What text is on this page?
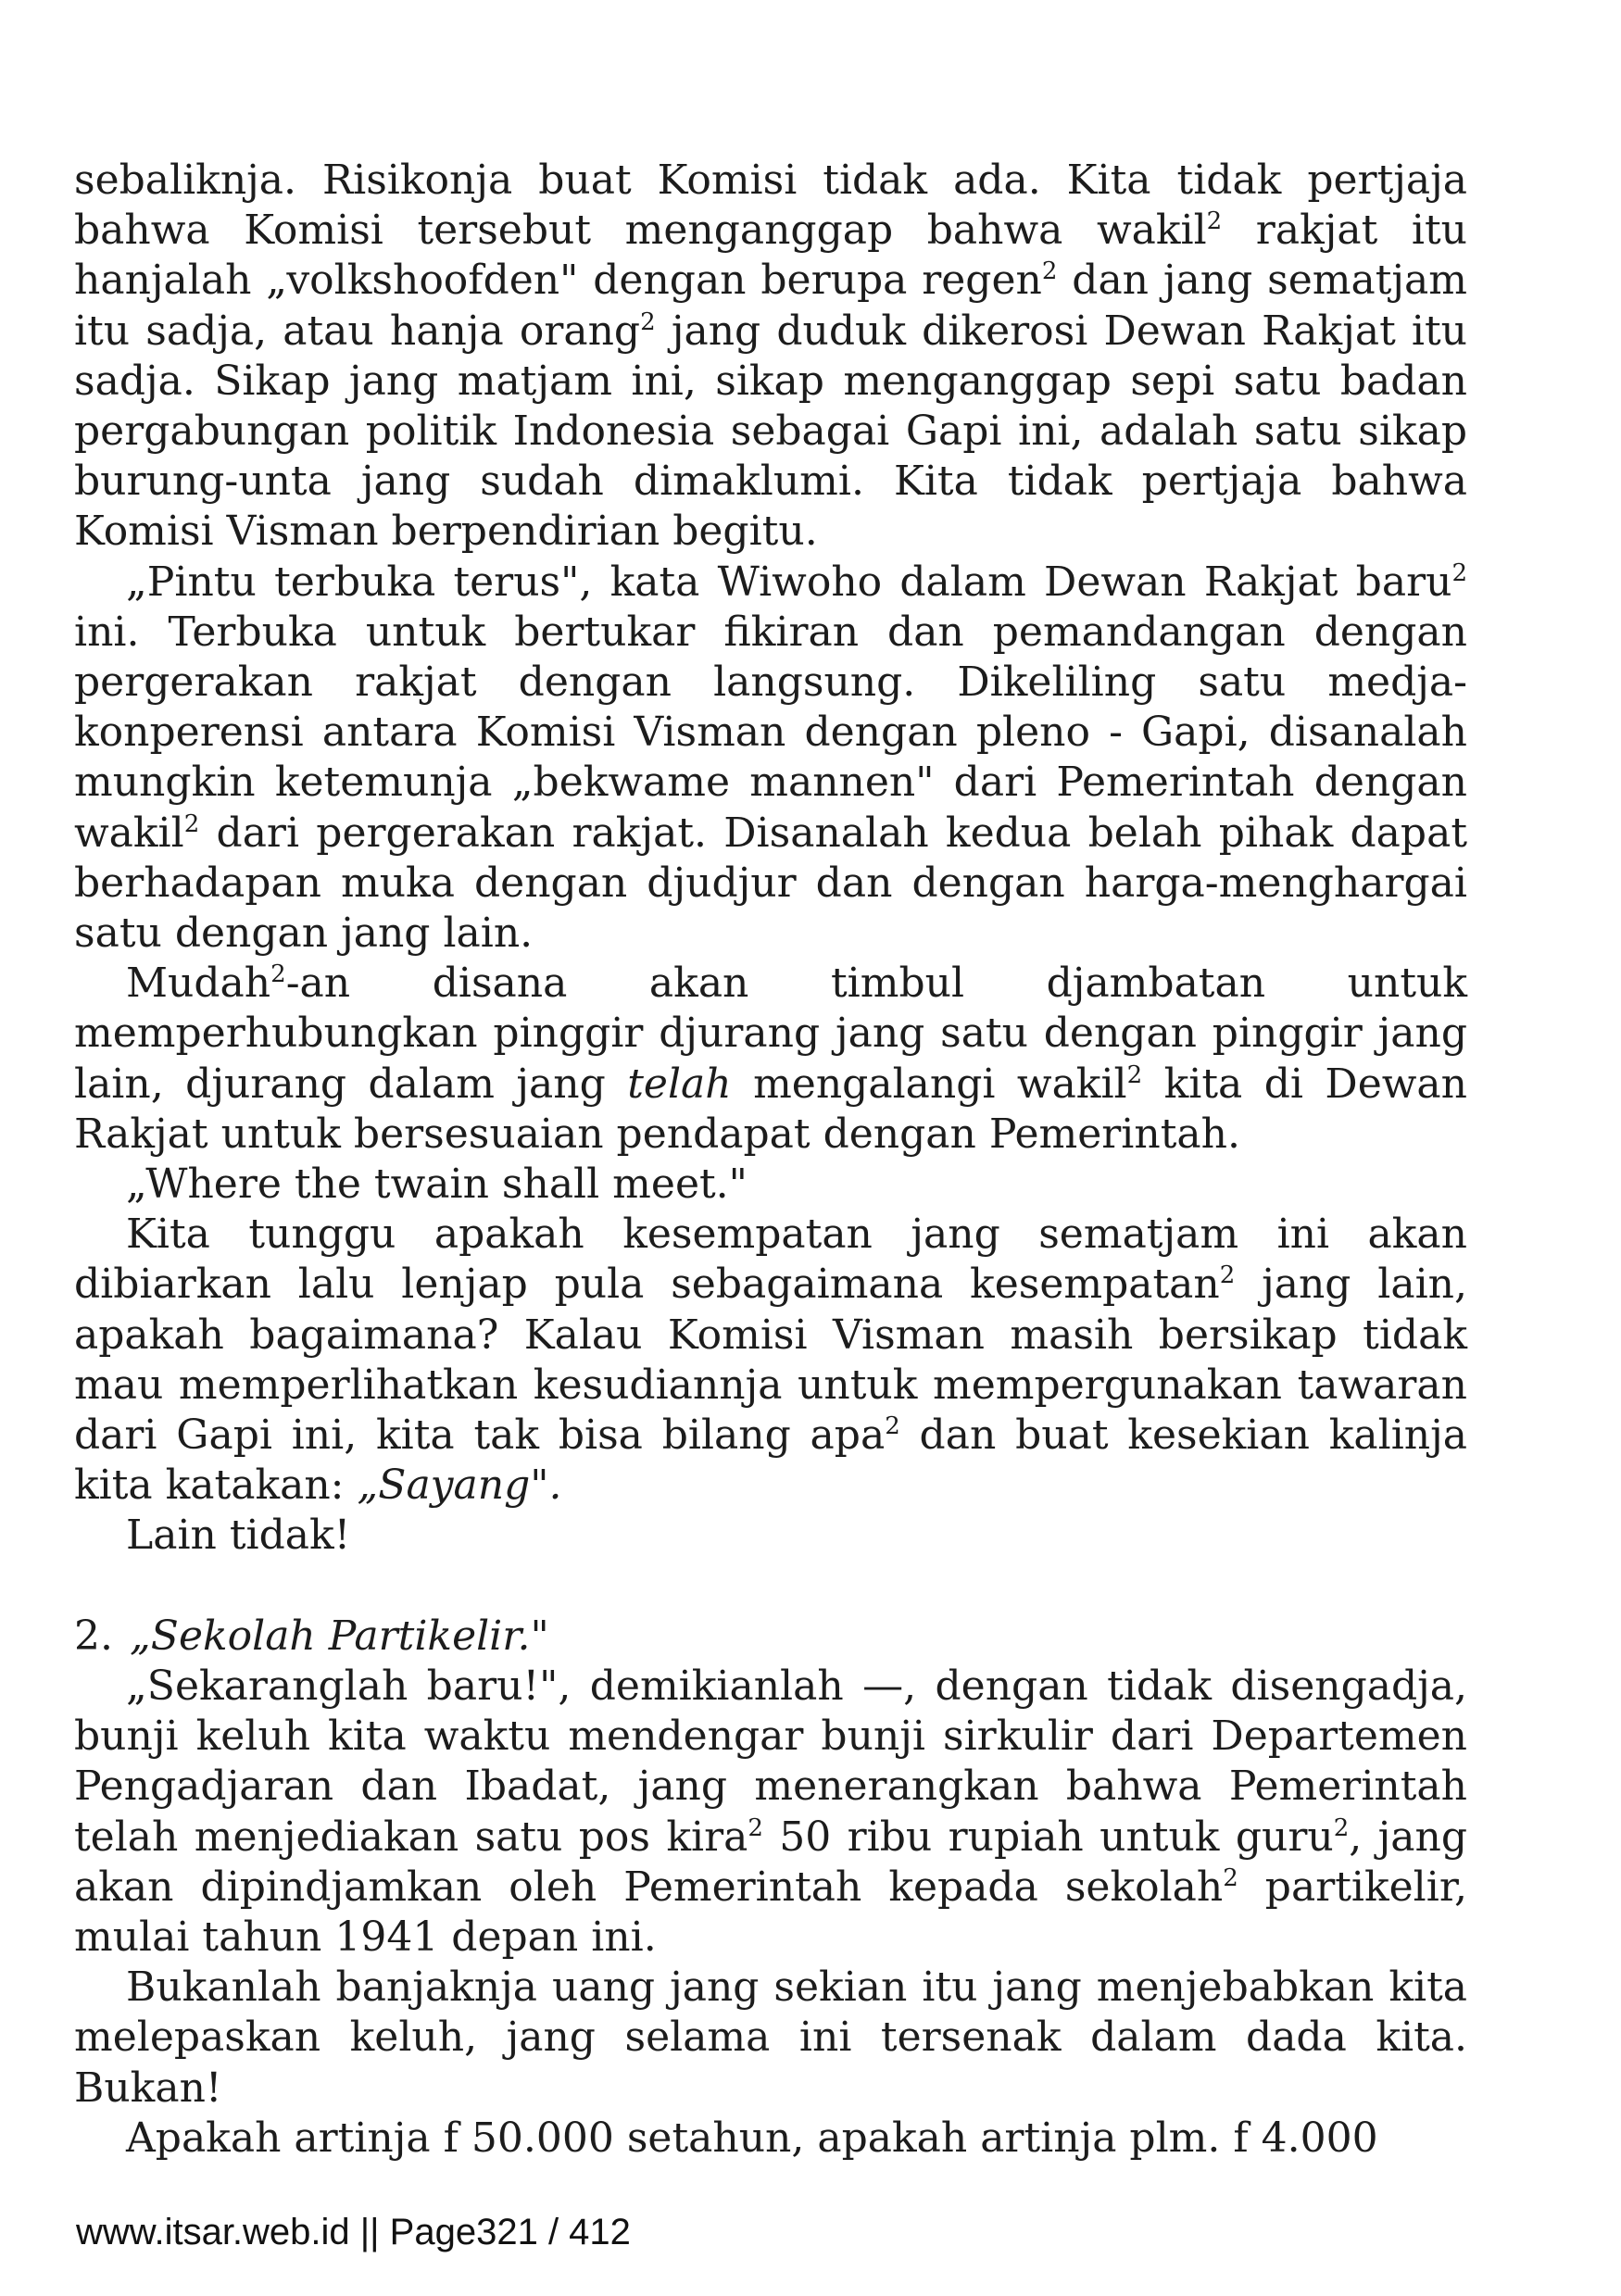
sebaliknja. Risikonja buat Komisi tidak ada. Kita tidak pertjaja bahwa Komisi tersebut menganggap bahwa wakil$^2$ rakjat itu hanjalah „volkshoofden" dengan berupa regen$^2$ dan jang sematjam itu sadja, atau hanja orang$^2$ jang duduk dikerosi Dewan Rakjat itu sadja. Sikap jang matjam ini, sikap menganggap sepi satu badan pergabungan politik Indonesia sebagai Gapi ini, adalah satu sikap burung-unta jang sudah dimaklumi. Kita tidak pertjaja bahwa Komisi Visman berpendirian begitu.

„Pintu terbuka terus", kata Wiwoho dalam Dewan Rakjat baru$^2$ ini. Terbuka untuk bertukar fikiran dan pemandangan dengan pergerakan rakjat dengan langsung. Dikeliling satu medja-konperensi antara Komisi Visman dengan pleno - Gapi, disanalah mungkin ketemunja „bekwame mannen" dari Pemerintah dengan wakil$^2$ dari pergerakan rakjat. Disanalah kedua belah pihak dapat berhadapan muka dengan djudjur dan dengan harga-menghargai satu dengan jang lain.

Mudah$^2$-an disana akan timbul djambatan untuk memperhubungkan pinggir djurang jang satu dengan pinggir jang lain, djurang dalam jang telah mengalangi wakil$^2$ kita di Dewan Rakjat untuk bersesuaian pendapat dengan Pemerintah.

„Where the twain shall meet."

Kita tunggu apakah kesempatan jang sematjam ini akan dibiarkan lalu lenjap pula sebagaimana kesempatan$^2$ jang lain, apakah bagaimana? Kalau Komisi Visman masih bersikap tidak mau memperlihatkan kesudiannja untuk mempergunakan tawaran dari Gapi ini, kita tak bisa bilang apa$^2$ dan buat kesekian kalinja kita katakan: „Sayang".

Lain tidak!

2. „Sekolah Partikelir."

„Sekaranglah baru!", demikianlah —, dengan tidak disengadja, bunji keluh kita waktu mendengar bunji sirkulir dari Departemen Pengadjaran dan Ibadat, jang menerangkan bahwa Pemerintah telah menjediakan satu pos kira$^2$ 50 ribu rupiah untuk guru$^2$, jang akan dipindjamkan oleh Pemerintah kepada sekolah$^2$ partikelir, mulai tahun 1941 depan ini.

Bukanlah banjaknja uang jang sekian itu jang menjebabkan kita melepaskan keluh, jang selama ini tersenak dalam dada kita. Bukan!

Apakah artinja f 50.000 setahun, apakah artinja plm. f 4.000

www.itsar.web.id || Page321 / 412
